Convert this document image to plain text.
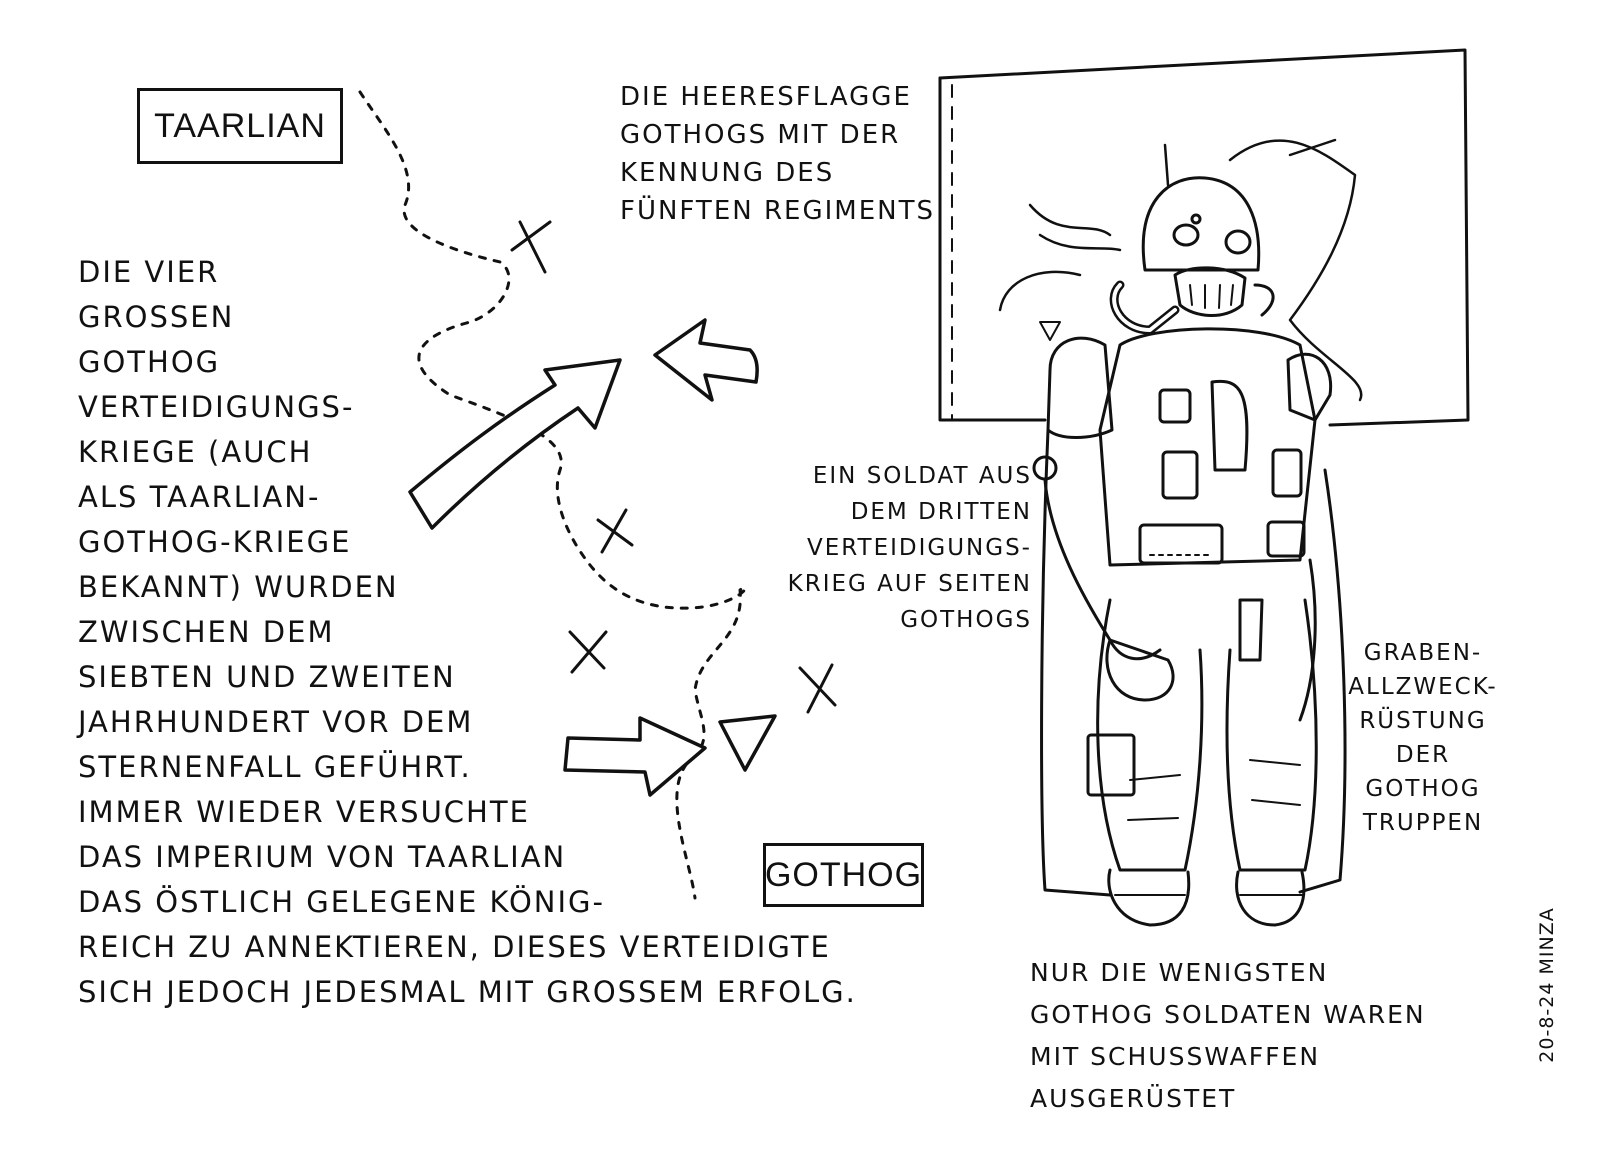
TAARLIAN
GOTHOG

DIE VIER
GROSSEN
GOTHOG
VERTEIDIGUNGS-
KRIEGE (AUCH
ALS TAARLIAN-
GOTHOG-KRIEGE
BEKANNT) WURDEN
ZWISCHEN DEM
SIEBTEN UND ZWEITEN
JAHRHUNDERT VOR DEM
STERNENFALL GEFÜHRT.
IMMER WIEDER VERSUCHTE
DAS IMPERIUM VON TAARLIAN
DAS ÖSTLICH GELEGENE KÖNIG-
REICH ZU ANNEKTIEREN, DIESES VERTEIDIGTE
SICH JEDOCH JEDESMAL MIT GROSSEM ERFOLG.

DIE HEERESFLAGGE
GOTHOGS MIT DER
KENNUNG DES
FÜNFTEN REGIMENTS

EIN SOLDAT AUS
DEM DRITTEN
VERTEIDIGUNGS-
KRIEG AUF SEITEN
GOTHOGS

GRABEN-
ALLZWECK-
RÜSTUNG
DER
GOTHOG
TRUPPEN

NUR DIE WENIGSTEN
GOTHOG SOLDATEN WAREN
MIT SCHUSSWAFFEN AUSGERÜSTET

20-8-24 MINZA
